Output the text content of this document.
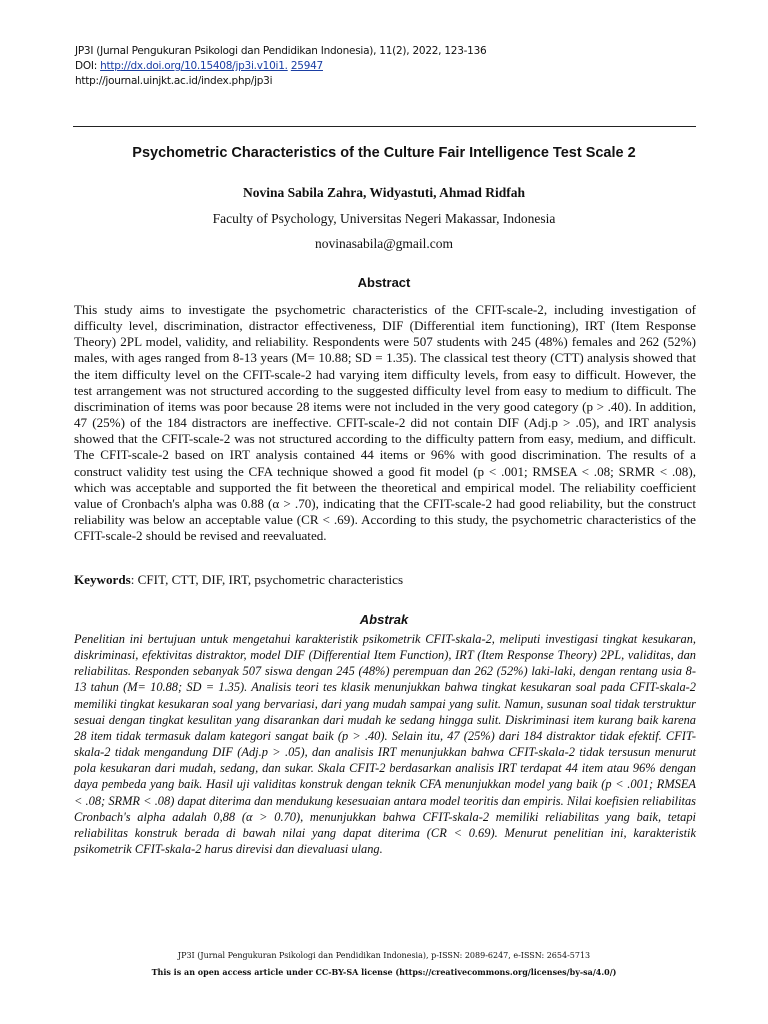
JP3I (Jurnal Pengukuran Psikologi dan Pendidikan Indonesia), 11(2), 2022, 123-136
DOI: http://dx.doi.org/10.15408/jp3i.v10i1. 25947
http://journal.uinjkt.ac.id/index.php/jp3i
Psychometric Characteristics of the Culture Fair Intelligence Test Scale 2
Novina Sabila Zahra, Widyastuti, Ahmad Ridfah
Faculty of Psychology, Universitas Negeri Makassar, Indonesia
novinasabila@gmail.com
Abstract

This study aims to investigate the psychometric characteristics of the CFIT-scale-2, including investigation of difficulty level, discrimination, distractor effectiveness, DIF (Differential item functioning), IRT (Item Response Theory) 2PL model, validity, and reliability. Respondents were 507 students with 245 (48%) females and 262 (52%) males, with ages ranged from 8-13 years (M= 10.88; SD = 1.35). The classical test theory (CTT) analysis showed that the item difficulty level on the CFIT-scale-2 had varying item difficulty levels, from easy to difficult. However, the test arrangement was not structured according to the suggested difficulty level from easy to medium to difficult. The discrimination of items was poor because 28 items were not included in the very good category (p > .40). In addition, 47 (25%) of the 184 distractors are ineffective. CFIT-scale-2 did not contain DIF (Adj.p > .05), and IRT analysis showed that the CFIT-scale-2 was not structured according to the difficulty pattern from easy, medium, and difficult. The CFIT-scale-2 based on IRT analysis contained 44 items or 96% with good discrimination. The results of a construct validity test using the CFA technique showed a good fit model (p < .001; RMSEA < .08; SRMR < .08), which was acceptable and supported the fit between the theoretical and empirical model. The reliability coefficient value of Cronbach's alpha was 0.88 (α > .70), indicating that the CFIT-scale-2 had good reliability, but the construct reliability was below an acceptable value (CR < .69). According to this study, the psychometric characteristics of the CFIT-scale-2 should be revised and reevaluated.

Keywords: CFIT, CTT, DIF, IRT, psychometric characteristics
Abstrak

Penelitian ini bertujuan untuk mengetahui karakteristik psikometrik CFIT-skala-2, meliputi investigasi tingkat kesukaran, diskriminasi, efektivitas distraktor, model DIF (Differential Item Function), IRT (Item Response Theory) 2PL, validitas, dan reliabilitas. Responden sebanyak 507 siswa dengan 245 (48%) perempuan dan 262 (52%) laki-laki, dengan rentang usia 8-13 tahun (M= 10.88; SD = 1.35). Analisis teori tes klasik menunjukkan bahwa tingkat kesukaran soal pada CFIT-skala-2 memiliki tingkat kesukaran soal yang bervariasi, dari yang mudah sampai yang sulit. Namun, susunan soal tidak terstruktur sesuai dengan tingkat kesulitan yang disarankan dari mudah ke sedang hingga sulit. Diskriminasi item kurang baik karena 28 item tidak termasuk dalam kategori sangat baik (p > .40). Selain itu, 47 (25%) dari 184 distraktor tidak efektif. CFIT-skala-2 tidak mengandung DIF (Adj.p > .05), dan analisis IRT menunjukkan bahwa CFIT-skala-2 tidak tersusun menurut pola kesukaran dari mudah, sedang, dan sukar. Skala CFIT-2 berdasarkan analisis IRT terdapat 44 item atau 96% dengan daya pembeda yang baik. Hasil uji validitas konstruk dengan teknik CFA menunjukkan model yang baik (p < .001; RMSEA < .08; SRMR < .08) dapat diterima dan mendukung kesesuaian antara model teoritis dan empiris. Nilai koefisien reliabilitas Cronbach's alpha adalah 0,88 (α > 0.70), menunjukkan bahwa CFIT-skala-2 memiliki reliabilitas yang baik, tetapi reliabilitas konstruk berada di bawah nilai yang dapat diterima (CR < 0.69). Menurut penelitian ini, karakteristik psikometrik CFIT-skala-2 harus direvisi dan dievaluasi ulang.

JP3I (Jurnal Pengukuran Psikologi dan Pendidikan Indonesia), p-ISSN: 2089-6247, e-ISSN: 2654-5713
This is an open access article under CC-BY-SA license (https://creativecommons.org/licenses/by-sa/4.0/)
